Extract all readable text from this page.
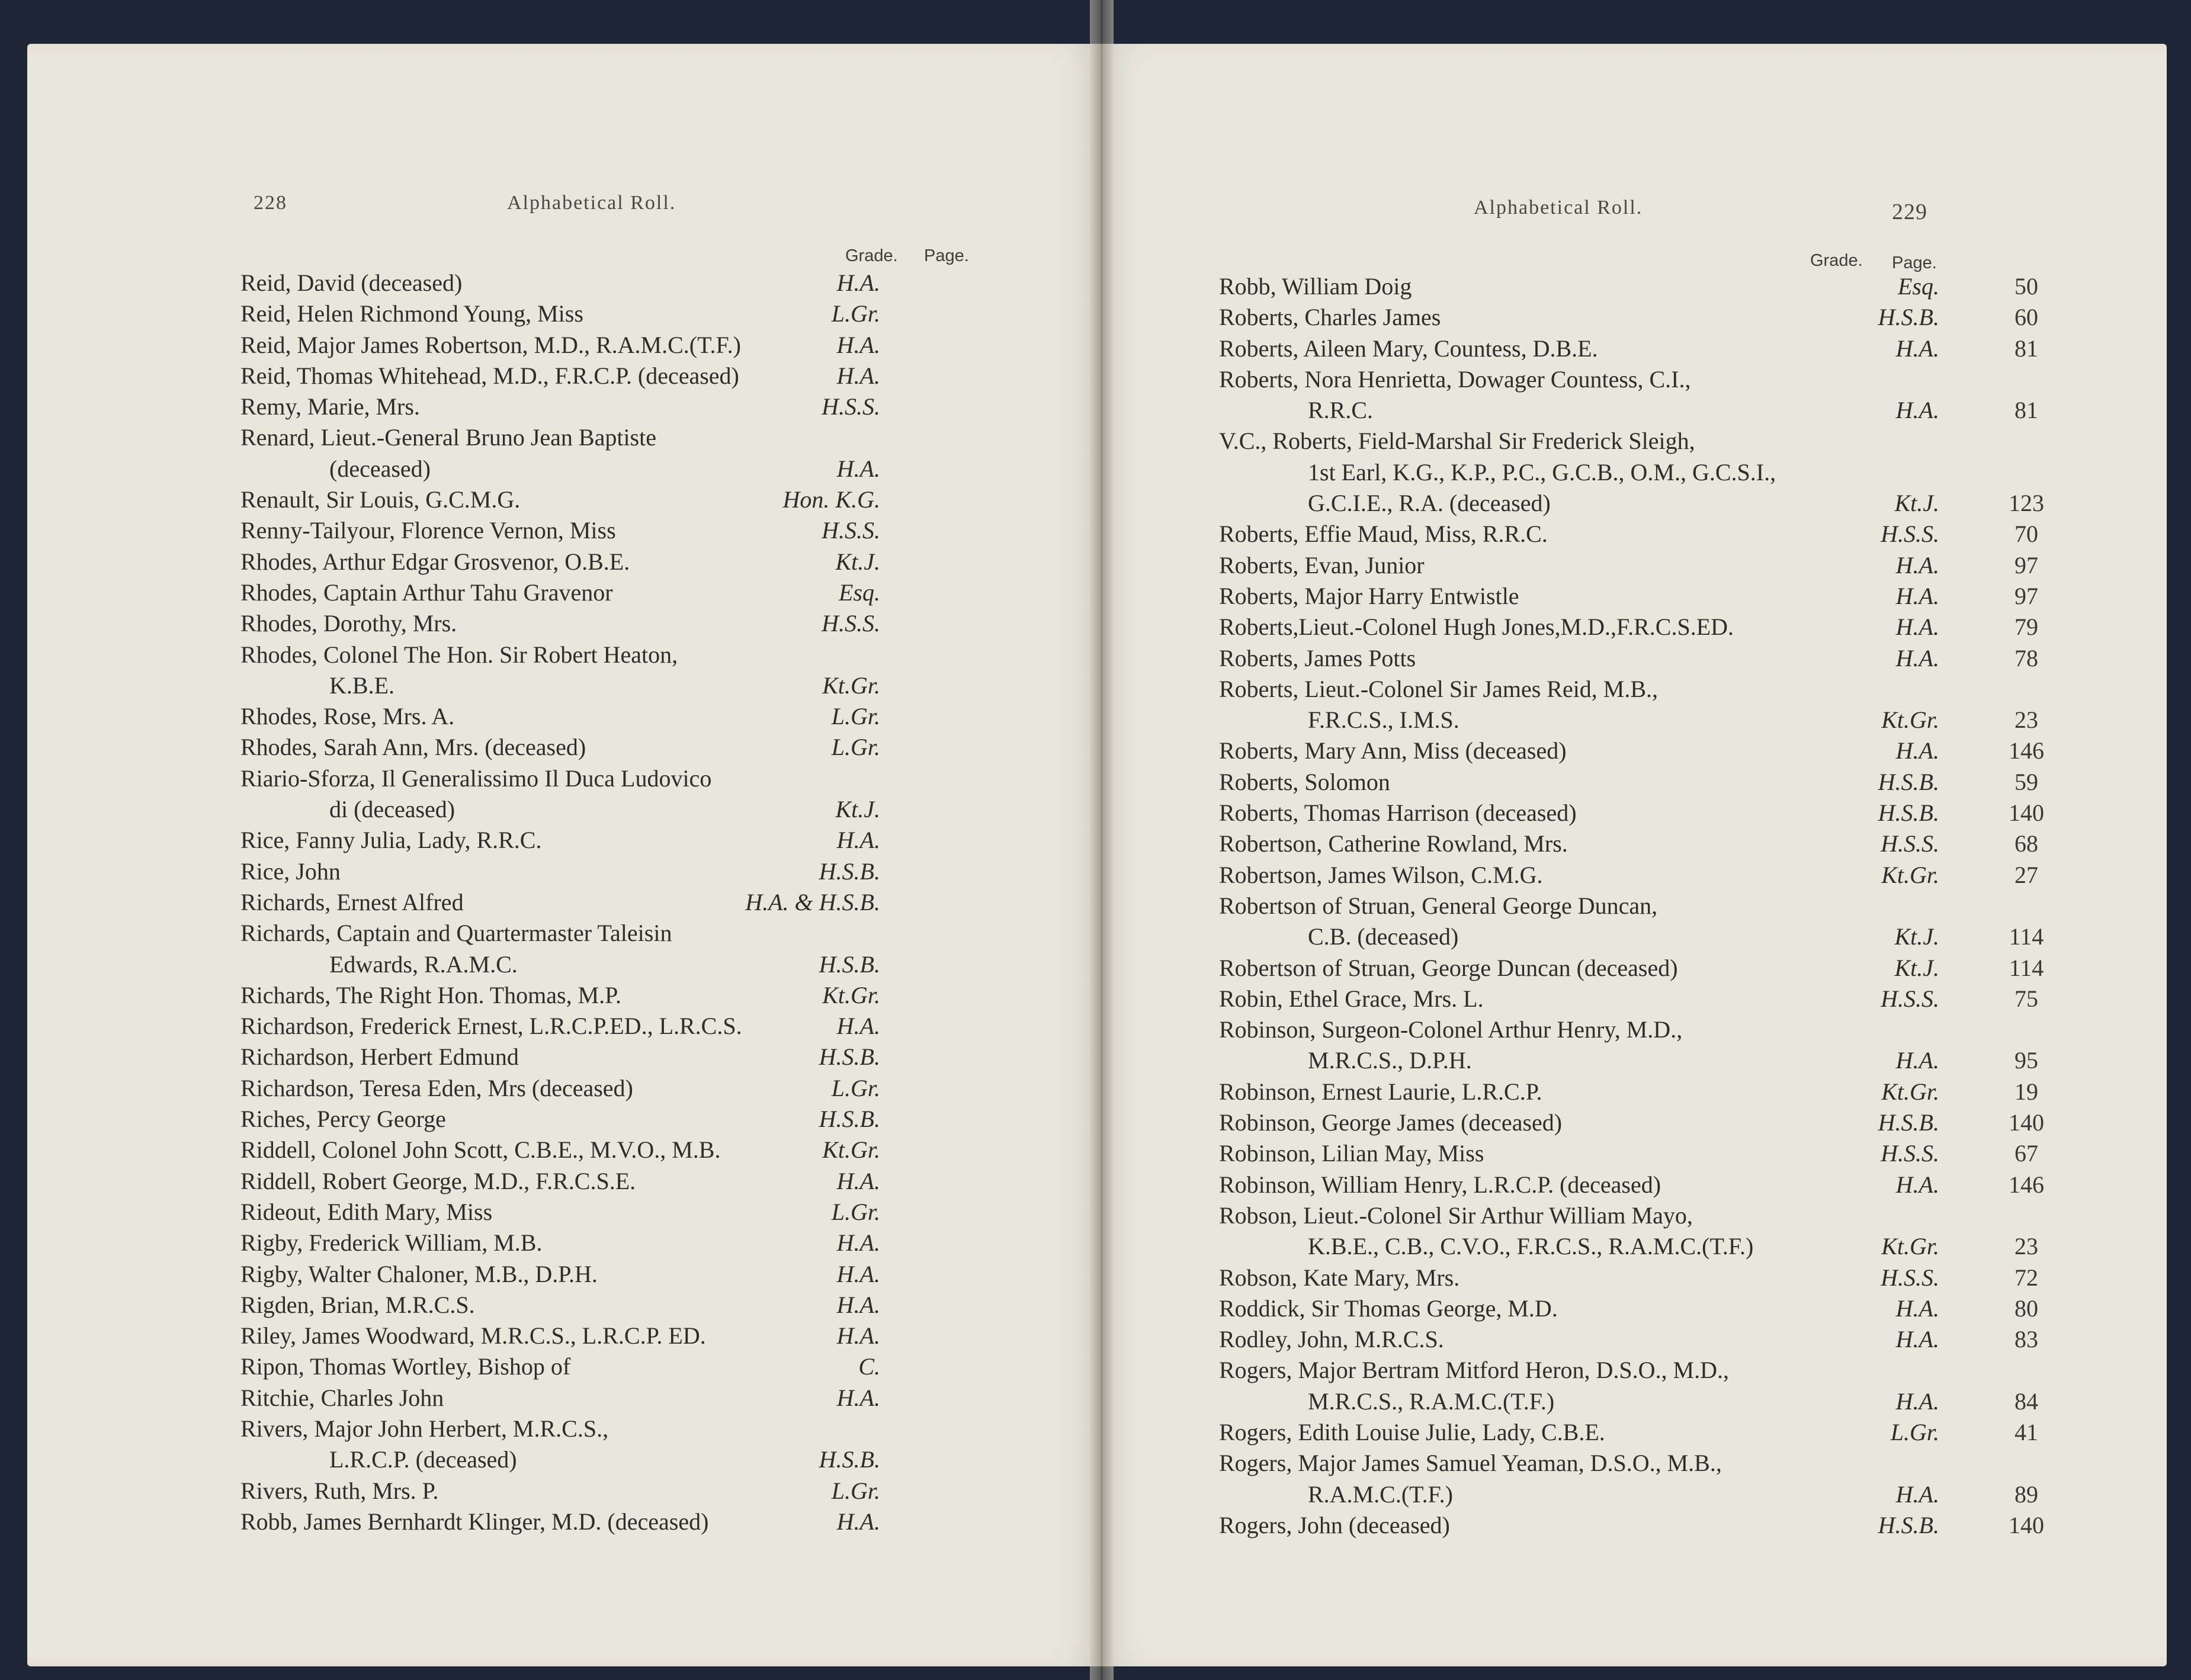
228	Alphabetical Roll.
Grade. Page.
Reid, David (deceased)	H.A.
Reid, Helen Richmond Young, Miss	L.Gr.
Reid, Major James Robertson, M.D., R.A.M.C.(T.F.)	H.A.
Reid, Thomas Whitehead, M.D., F.R.C.P. (deceased)	H.A.
Remy, Marie, Mrs.	H.S.S.
Renard, Lieut.-General Bruno Jean Baptiste
(deceased)	H.A.
Renault, Sir Louis, G.C.M.G.	Hon. K.G.
Renny-Tailyour, Florence Vernon, Miss	H.S.S.
Rhodes, Arthur Edgar Grosvenor, O.B.E.	Kt.J.
Rhodes, Captain Arthur Tahu Gravenor	Esq.
Rhodes, Dorothy, Mrs.	H.S.S.
Rhodes, Colonel The Hon. Sir Robert Heaton,
K.B.E.	Kt.Gr.
Rhodes, Rose, Mrs. A.	L.Gr.
Rhodes, Sarah Ann, Mrs. (deceased)	L.Gr.
Riario-Sforza, Il Generalissimo Il Duca Ludovico
di (deceased)	Kt.J.
Rice, Fanny Julia, Lady, R.R.C.	H.A.
Rice, John	H.S.B.
Richards, Ernest Alfred	H.A. & H.S.B.
Richards, Captain and Quartermaster Taleisin
Edwards, R.A.M.C.	H.S.B.
Richards, The Right Hon. Thomas, M.P.	Kt.Gr.
Richardson, Frederick Ernest, L.R.C.P.ED., L.R.C.S.	H.A.
Richardson, Herbert Edmund	H.S.B.
Richardson, Teresa Eden, Mrs (deceased)	L.Gr.
Riches, Percy George	H.S.B.
Riddell, Colonel John Scott, C.B.E., M.V.O., M.B.	Kt.Gr.
Riddell, Robert George, M.D., F.R.C.S.E.	H.A.
Rideout, Edith Mary, Miss	L.Gr.
Rigby, Frederick William, M.B.	H.A.
Rigby, Walter Chaloner, M.B., D.P.H.	H.A.
Rigden, Brian, M.R.C.S.	H.A.
Riley, James Woodward, M.R.C.S., L.R.C.P. ED.	H.A.
Ripon, Thomas Wortley, Bishop of	C.
Ritchie, Charles John	H.A.
Rivers, Major John Herbert, M.R.C.S.,
L.R.C.P. (deceased)	H.S.B.
Rivers, Ruth, Mrs. P.	L.Gr.
Robb, James Bernhardt Klinger, M.D. (deceased)	H.A.
Alphabetical Roll.	229
Grade. Page.
Robb, William Doig	Esq.	50
Roberts, Charles James	H.S.B.	60
Roberts, Aileen Mary, Countess, D.B.E.	H.A.	81
Roberts, Nora Henrietta, Dowager Countess, C.I.,
R.R.C.	H.A.	81
V.C., Roberts, Field-Marshal Sir Frederick Sleigh,
1st Earl, K.G., K.P., P.C., G.C.B., O.M., G.C.S.I.,
G.C.I.E., R.A. (deceased)	Kt.J.	123
Roberts, Effie Maud, Miss, R.R.C.	H.S.S.	70
Roberts, Evan, Junior	H.A.	97
Roberts, Major Harry Entwistle	H.A.	97
Roberts,Lieut.-Colonel Hugh Jones,M.D.,F.R.C.S.ED.	H.A.	79
Roberts, James Potts	H.A.	78
Roberts, Lieut.-Colonel Sir James Reid, M.B.,
F.R.C.S., I.M.S.	Kt.Gr.	23
Roberts, Mary Ann, Miss (deceased)	H.A.	146
Roberts, Solomon	H.S.B.	59
Roberts, Thomas Harrison (deceased)	H.S.B.	140
Robertson, Catherine Rowland, Mrs.	H.S.S.	68
Robertson, James Wilson, C.M.G.	Kt.Gr.	27
Robertson of Struan, General George Duncan,
C.B. (deceased)	Kt.J.	114
Robertson of Struan, George Duncan (deceased)	Kt.J.	114
Robin, Ethel Grace, Mrs. L.	H.S.S.	75
Robinson, Surgeon-Colonel Arthur Henry, M.D.,
M.R.C.S., D.P.H.	H.A.	95
Robinson, Ernest Laurie, L.R.C.P.	Kt.Gr.	19
Robinson, George James (deceased)	H.S.B.	140
Robinson, Lilian May, Miss	H.S.S.	67
Robinson, William Henry, L.R.C.P. (deceased)	H.A.	146
Robson, Lieut.-Colonel Sir Arthur William Mayo,
K.B.E., C.B., C.V.O., F.R.C.S., R.A.M.C.(T.F.)	Kt.Gr.	23
Robson, Kate Mary, Mrs.	H.S.S.	72
Roddick, Sir Thomas George, M.D.	H.A.	80
Rodley, John, M.R.C.S.	H.A.	83
Rogers, Major Bertram Mitford Heron, D.S.O., M.D.,
M.R.C.S., R.A.M.C.(T.F.)	H.A.	84
Rogers, Edith Louise Julie, Lady, C.B.E.	L.Gr.	41
Rogers, Major James Samuel Yeaman, D.S.O., M.B.,
R.A.M.C.(T.F.)	H.A.	89
Rogers, John (deceased)	H.S.B.	140
